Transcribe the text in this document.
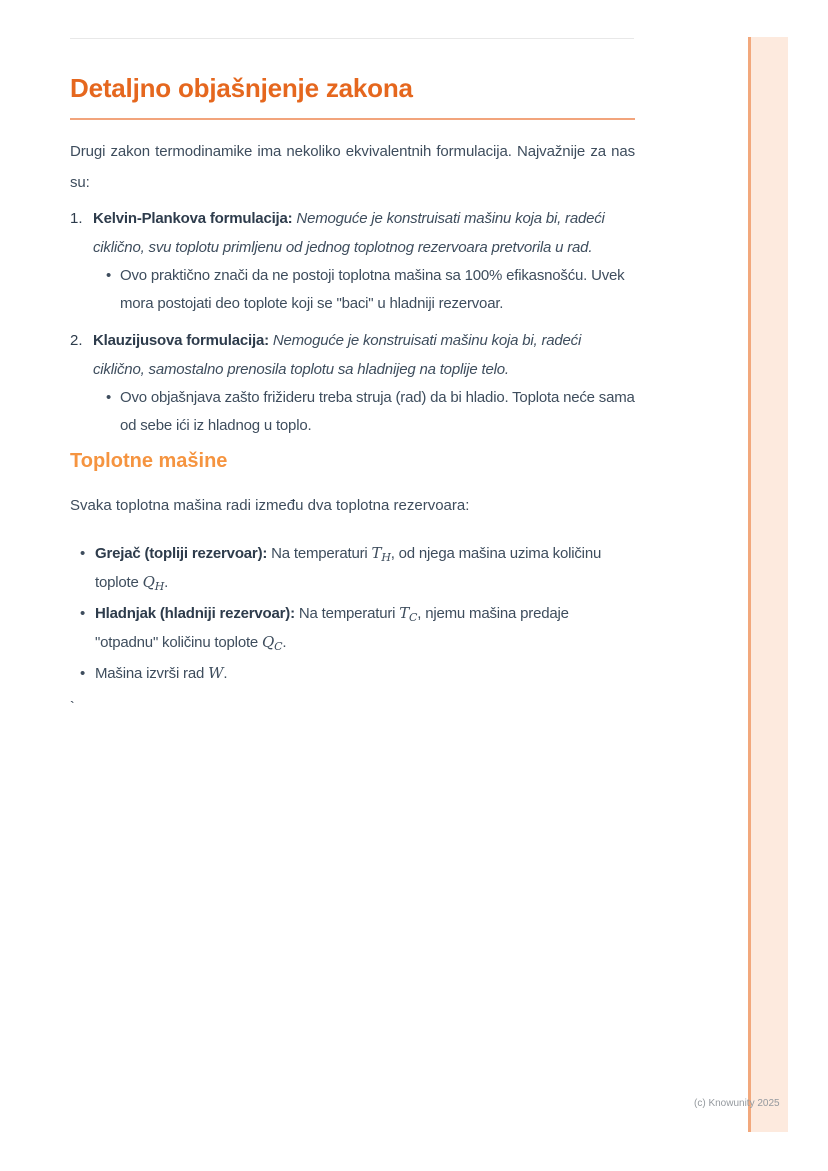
(c) Knowunity 2025
Detaljno objašnjenje zakona

Drugi zakon termodinamike ima nekoliko ekvivalentnih formulacija. Najvažnije za nas su:

1. Kelvin-Plankova formulacija: Nemoguće je konstruisati mašinu koja bi, radeći ciklično, svu toplotu primljenu od jednog toplotnog rezervoara pretvorila u rad.

•

Ovo praktično znači da ne postoji toplotna mašina sa 100% efikasnošću. Uvek mora postojati deo toplote koji se "baci" u hladniji rezervoar.

2. Klauzijusova formulacija: Nemoguće je konstruisati mašinu koja bi, radeći ciklično, samostalno prenosila toplotu sa hladnijeg na toplije telo.

•

Ovo objašnjava zašto frižideru treba struja (rad) da bi hladio. Toplota neće sama od sebe ići iz hladnog u toplo.

Toplotne mašine

Svaka toplotna mašina radi između dva toplotna rezervoara:

•

Grejač (topliji rezervoar): Na temperaturi $T_H$, od njega mašina uzima količinu toplote $Q_H$.

•

Hladnjak (hladniji rezervoar): Na temperaturi $T_C$, njemu mašina predaje "otpadnu" količinu toplote $Q_C$.

•

Mašina izvrši rad W.

`
